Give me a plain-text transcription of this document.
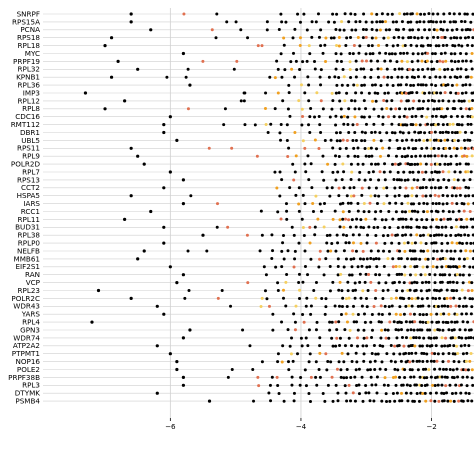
SNRPF
RPS15A
PCNA
RPS18
RPL18
MYC
PRPF19
RPL32
KPNB1
RPL36
IMP3
RPL12
RPL8
CDC16
RMT112
DBR1
UBL5
RPS11
RPL9
POLR2D
RPL7
RPS13
CCT2
HSPA5
IARS
RCC1
RPL11
BUD31
RPL38
RPLP0
NELFB
MMB61
EIF2S1
RAN
VCP
RPL23
POLR2C
WDR43
YARS
RPL4
GPN3
WDR74
ATP2A2
PTPMT1
NOP16
POLE2
PRPF38B
RPL3
DTYMK
PSMB4
−6	−4	−2
